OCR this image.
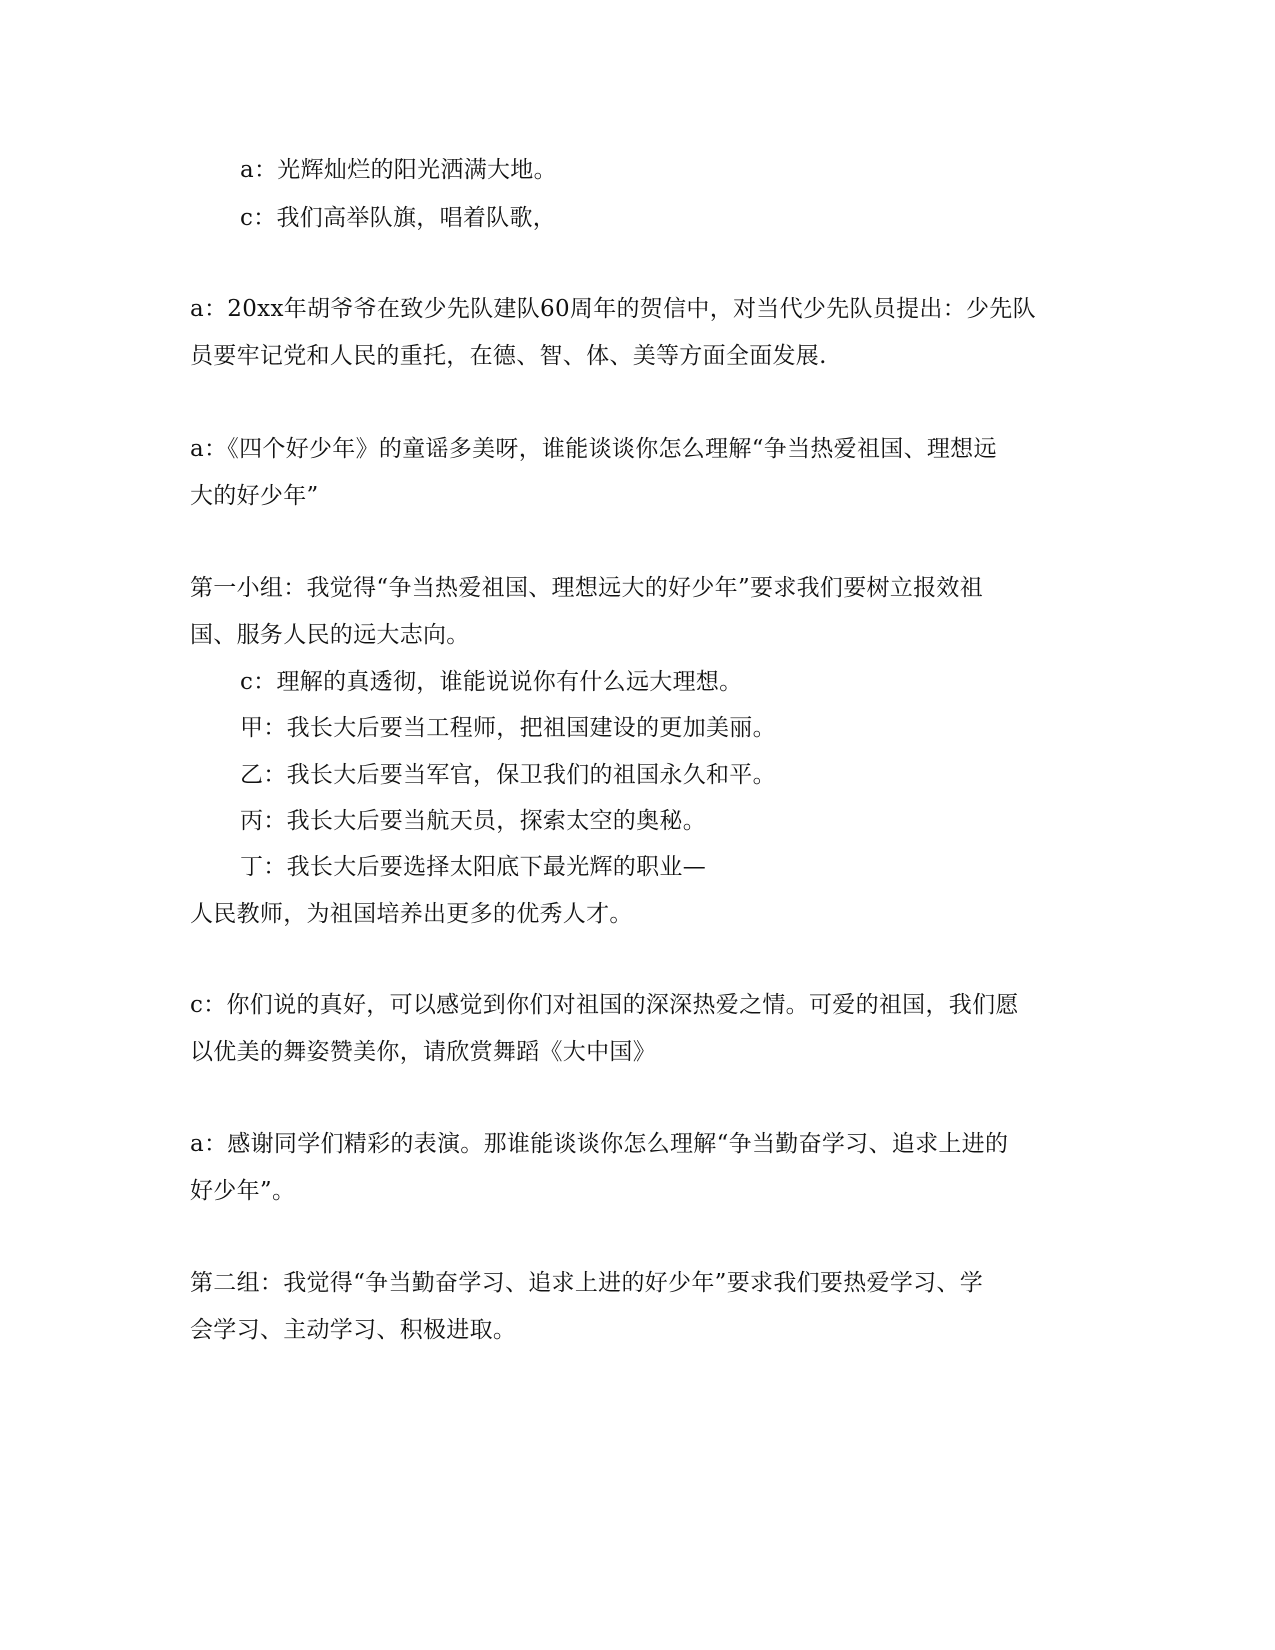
a：光辉灿烂的阳光洒满大地。
c：我们高举队旗，唱着队歌，
a：20xx年胡爷爷在致少先队建队60周年的贺信中，对当代少先队员提出：少先队
员要牢记党和人民的重托，在德、智、体、美等方面全面发展.
a：《四个好少年》的童谣多美呀，谁能谈谈你怎么理解“争当热爱祖国、理想远
大的好少年”
第一小组：我觉得“争当热爱祖国、理想远大的好少年”要求我们要树立报效祖
国、服务人民的远大志向。
c：理解的真透彻，谁能说说你有什么远大理想。
甲：我长大后要当工程师，把祖国建设的更加美丽。
乙：我长大后要当军官，保卫我们的祖国永久和平。
丙：我长大后要当航天员，探索太空的奥秘。
丁：我长大后要选择太阳底下最光辉的职业—
人民教师，为祖国培养出更多的优秀人才。
c：你们说的真好，可以感觉到你们对祖国的深深热爱之情。可爱的祖国，我们愿
以优美的舞姿赞美你，请欣赏舞蹈《大中国》
a：感谢同学们精彩的表演。那谁能谈谈你怎么理解“争当勤奋学习、追求上进的
好少年”。
第二组：我觉得“争当勤奋学习、追求上进的好少年”要求我们要热爱学习、学
会学习、主动学习、积极进取。
